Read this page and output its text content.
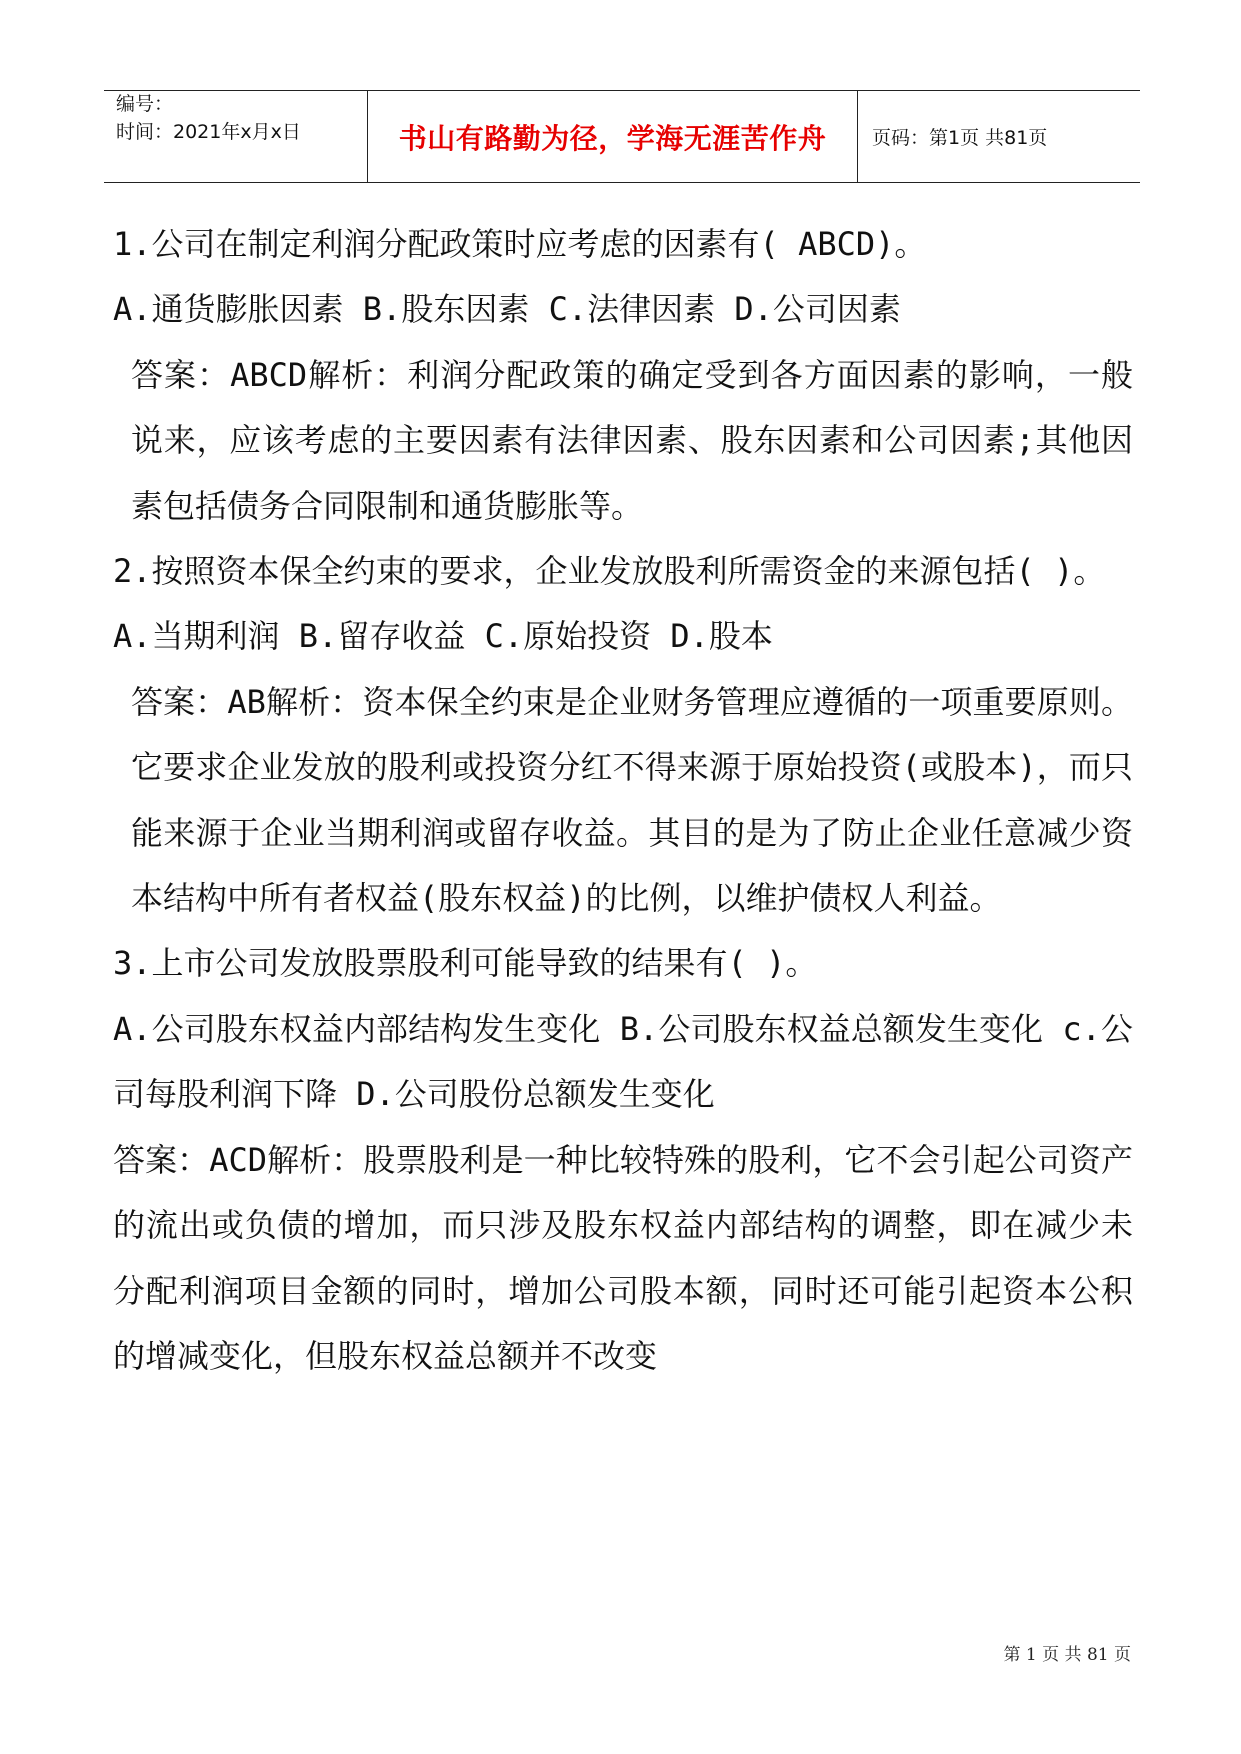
编号：
时间：2021年x月x日	书山有路勤为径，学海无涯苦作舟 页码：第1页 共81页

1.公司在制定利润分配政策时应考虑的因素有( ABCD)。

A.通货膨胀因素 B.股东因素 C.法律因素 D.公司因素

答案：ABCD解析：利润分配政策的确定受到各方面因素的影响，一般说来，应该考虑的主要因素有法律因素、股东因素和公司因素;其他因素包括债务合同限制和通货膨胀等。

2.按照资本保全约束的要求，企业发放股利所需资金的来源包括( )。

A.当期利润 B.留存收益 C.原始投资 D.股本

答案：AB解析：资本保全约束是企业财务管理应遵循的一项重要原则。它要求企业发放的股利或投资分红不得来源于原始投资(或股本)，而只能来源于企业当期利润或留存收益。其目的是为了防止企业任意减少资本结构中所有者权益(股东权益)的比例，以维护债权人利益。

3.上市公司发放股票股利可能导致的结果有( )。

A.公司股东权益内部结构发生变化 B.公司股东权益总额发生变化 c.公司每股利润下降 D.公司股份总额发生变化

答案：ACD解析：股票股利是一种比较特殊的股利，它不会引起公司资产的流出或负债的增加，而只涉及股东权益内部结构的调整，即在减少未分配利润项目金额的同时，增加公司股本额，同时还可能引起资本公积的增减变化，但股东权益总额并不改变

第 1 页 共 81 页
